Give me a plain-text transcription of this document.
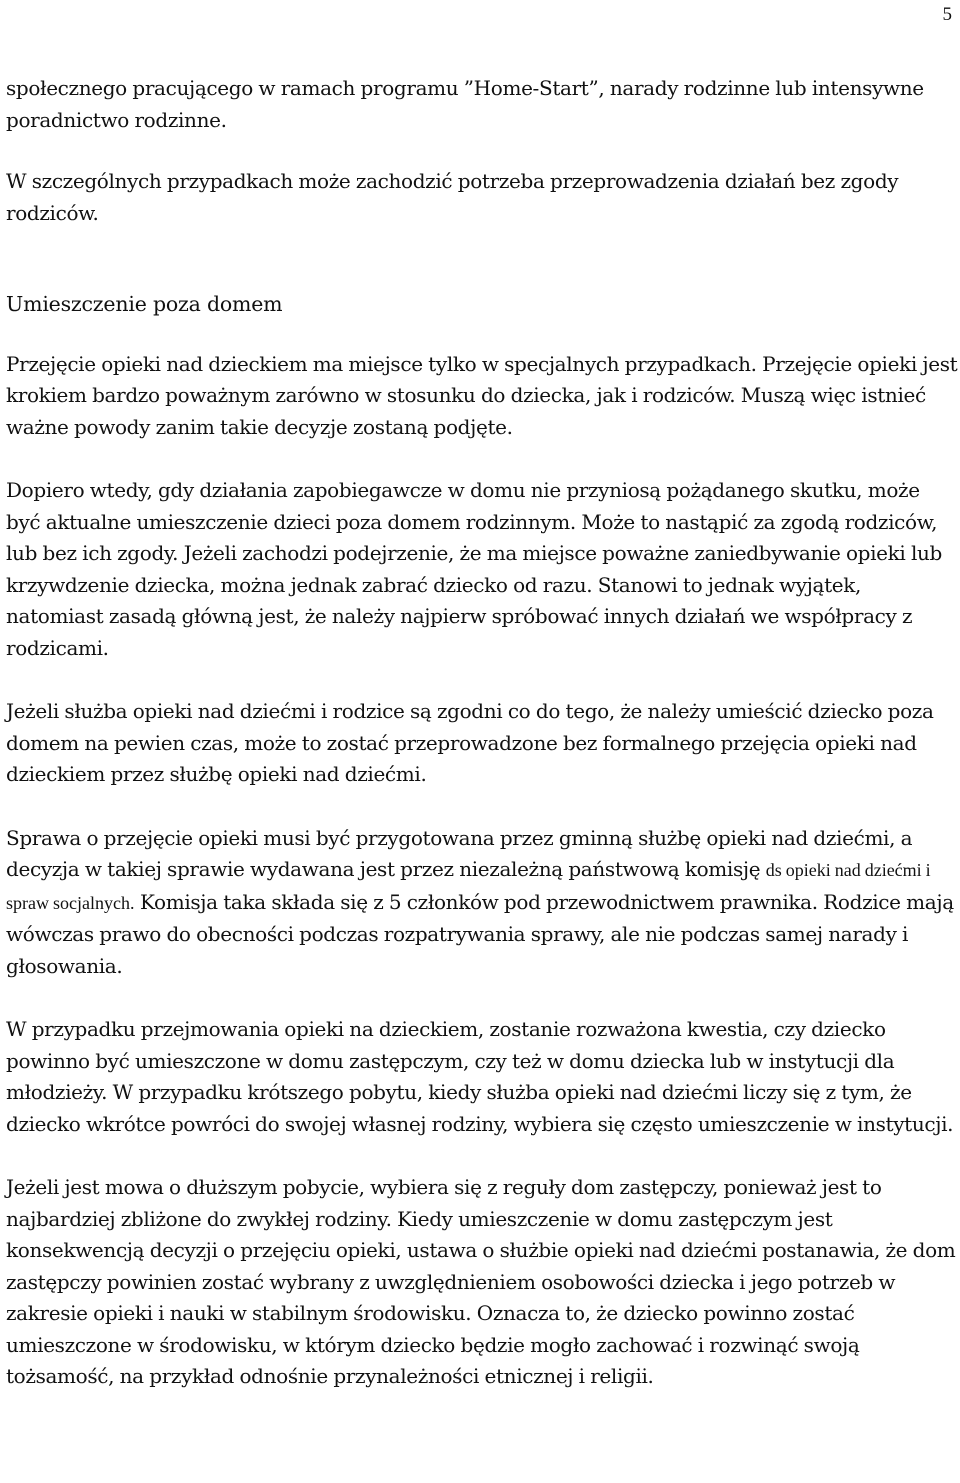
5

społecznego pracującego w ramach programu ”Home-Start”, narady rodzinne lub intensywne poradnictwo rodzinne.

W szczególnych przypadkach może zachodzić potrzeba przeprowadzenia działań bez zgody rodziców.

Umieszczenie poza domem

Przejęcie opieki nad dzieckiem ma miejsce tylko w specjalnych przypadkach. Przejęcie opieki jest krokiem bardzo poważnym zarówno w stosunku do dziecka, jak i rodziców. Muszą więc istnieć ważne powody zanim takie decyzje zostaną podjęte.

Dopiero wtedy, gdy działania zapobiegawcze w domu nie przyniosą pożądanego skutku, może być aktualne umieszczenie dzieci poza domem rodzinnym. Może to nastąpić za zgodą rodziców, lub bez ich zgody. Jeżeli zachodzi podejrzenie, że ma miejsce poważne zaniedbywanie opieki lub krzywdzenie dziecka, można jednak zabrać dziecko od razu. Stanowi to jednak wyjątek, natomiast zasadą główną jest, że należy najpierw spróbować innych działań we współpracy z rodzicami.

Jeżeli służba opieki nad dziećmi i rodzice są zgodni co do tego, że należy umieścić dziecko poza domem na pewien czas, może to zostać przeprowadzone bez formalnego przejęcia opieki nad dzieckiem przez służbę opieki nad dziećmi.

Sprawa o przejęcie opieki musi być przygotowana przez gminną służbę opieki nad dziećmi, a decyzja w takiej sprawie wydawana jest przez niezależną państwową komisję ds opieki nad dziećmi i spraw socjalnych. Komisja taka składa się z 5 członków pod przewodnictwem prawnika. Rodzice mają wówczas prawo do obecności podczas rozpatrywania sprawy, ale nie podczas samej narady i głosowania.

W przypadku przejmowania opieki na dzieckiem, zostanie rozważona kwestia, czy dziecko powinno być umieszczone w domu zastępczym, czy też w domu dziecka lub w instytucji dla młodzieży. W przypadku krótszego pobytu, kiedy służba opieki nad dziećmi liczy się z tym, że dziecko wkrótce powróci do swojej własnej rodziny, wybiera się często umieszczenie w instytucji.

Jeżeli jest mowa o dłuższym pobycie, wybiera się z reguły dom zastępczy, ponieważ jest to najbardziej zbliżone do zwykłej rodziny. Kiedy umieszczenie w domu zastępczym jest konsekwencją decyzji o przejęciu opieki, ustawa o służbie opieki nad dziećmi postanawia, że dom zastępczy powinien zostać wybrany z uwzględnieniem osobowości dziecka i jego potrzeb w zakresie opieki i nauki w stabilnym środowisku. Oznacza to, że dziecko powinno zostać umieszczone w środowisku, w którym dziecko będzie mogło zachować i rozwinąć swoją tożsamość, na przykład odnośnie przynależności etnicznej i religii.
